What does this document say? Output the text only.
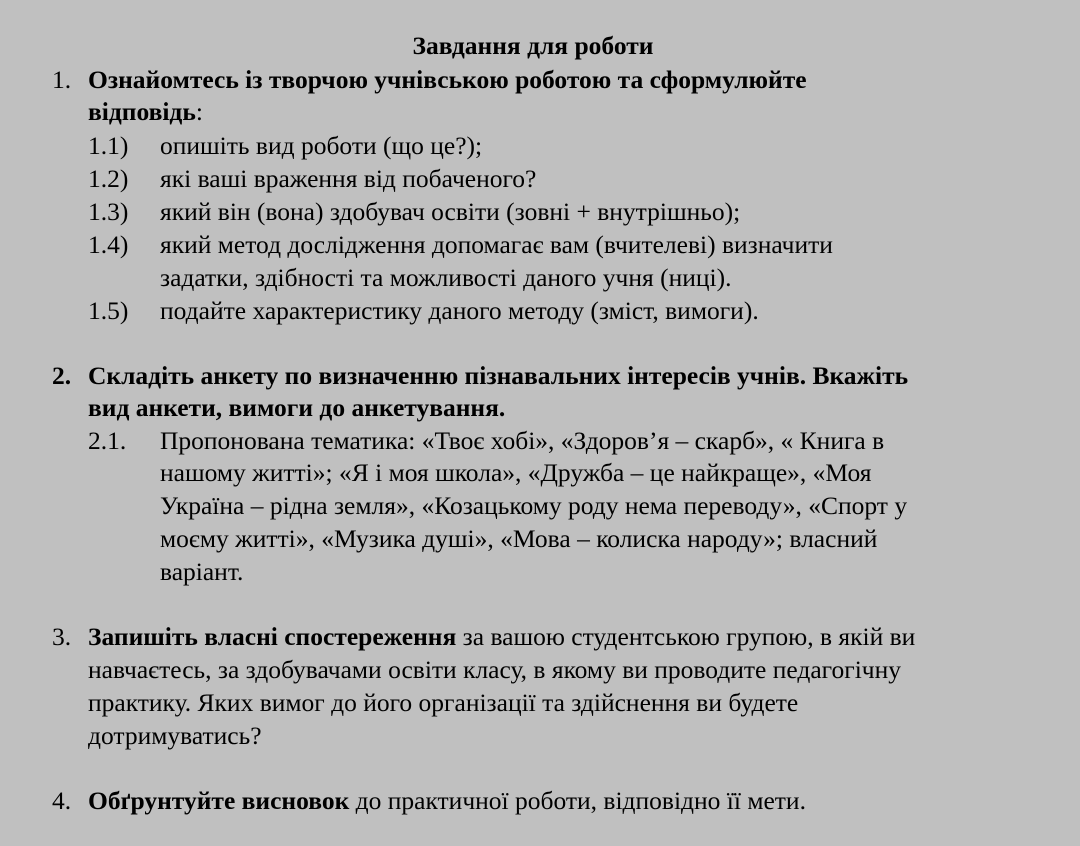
Завдання для роботи
1. Ознайомтесь із творчою учнівською роботою та сформулюйте
відповідь:
1.1) опишіть вид роботи (що це?);
1.2) які ваші враження від побаченого?
1.3) який він (вона) здобувач освіти (зовні + внутрішньо);
1.4) який метод дослідження допомагає вам (вчителеві) визначити
задатки, здібності та можливості даного учня (ниці).
1.5) подайте характеристику даного методу (зміст, вимоги).
2. Складіть анкету по визначенню пізнавальних інтересів учнів. Вкажіть
вид анкети, вимоги до анкетування.
2.1. Пропонована тематика: «Твоє хобі», «Здоров’я – скарб», « Книга в
нашому житті»; «Я і моя школа», «Дружба – це найкраще», «Моя
Україна – рідна земля», «Козацькому роду нема переводу», «Спорт у
моєму житті», «Музика душі», «Мова – колиска народу»; власний
варіант.
3. Запишіть власні спостереження за вашою студентською групою, в якій ви
навчаєтесь, за здобувачами освіти класу, в якому ви проводите педагогічну
практику. Яких вимог до його організації та здійснення ви будете
дотримуватись?
4. Обґрунтуйте висновок до практичної роботи, відповідно її мети.
